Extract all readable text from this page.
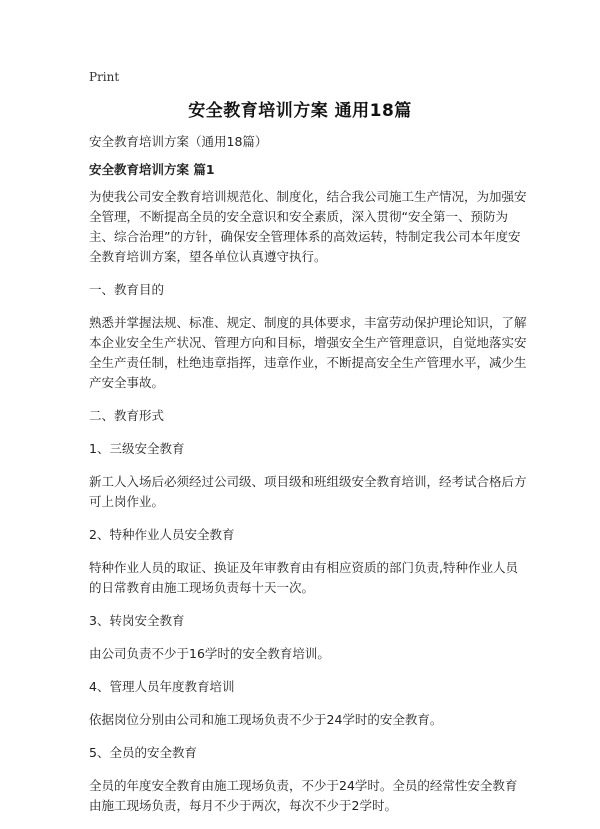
Print
安全教育培训方案 通用18篇

安全教育培训方案（通用18篇）

安全教育培训方案 篇1

为使我公司安全教育培训规范化、制度化，结合我公司施工生产情况，为加强安全管理，不断提高全员的安全意识和安全素质，深入贯彻“安全第一、预防为主、综合治理”的方针，确保安全管理体系的高效运转，特制定我公司本年度安全教育培训方案，望各单位认真遵守执行。

一、教育目的

熟悉并掌握法规、标准、规定、制度的具体要求，丰富劳动保护理论知识，了解本企业安全生产状况、管理方向和目标，增强安全生产管理意识，自觉地落实安全生产责任制，杜绝违章指挥，违章作业，不断提高安全生产管理水平，减少生产安全事故。

二、教育形式

1、三级安全教育

新工人入场后必须经过公司级、项目级和班组级安全教育培训，经考试合格后方可上岗作业。

2、特种作业人员安全教育

特种作业人员的取证、换证及年审教育由有相应资质的部门负责,特种作业人员的日常教育由施工现场负责每十天一次。

3、转岗安全教育

由公司负责不少于16学时的安全教育培训。

4、管理人员年度教育培训

依据岗位分别由公司和施工现场负责不少于24学时的安全教育。

5、全员的安全教育

全员的年度安全教育由施工现场负责，不少于24学时。全员的经常性安全教育由施工现场负责，每月不少于两次，每次不少于2学时。
